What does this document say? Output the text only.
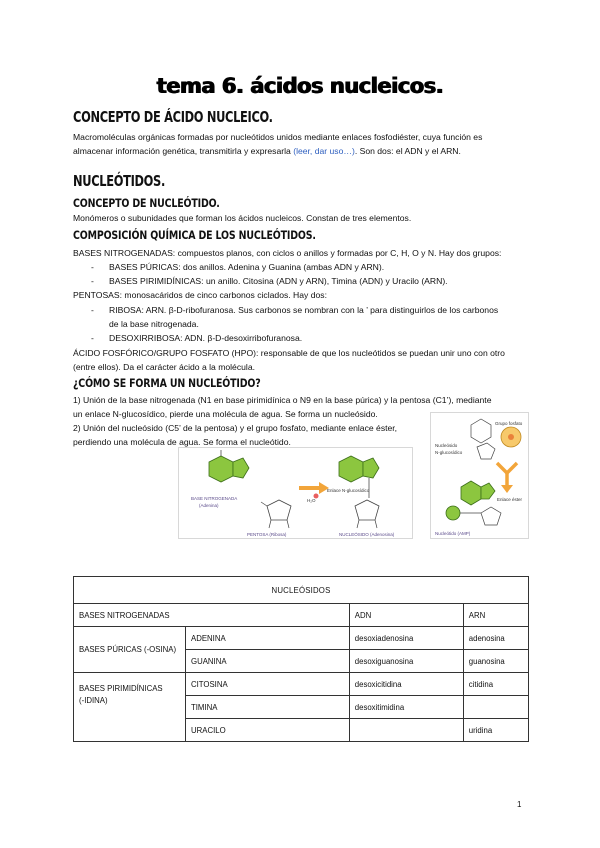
tema 6. ácidos nucleicos.
CONCEPTO DE ÁCIDO NUCLEICO.
Macromoléculas orgánicas formadas por nucleótidos unidos mediante enlaces fosfodiéster, cuya función es
almacenar información genética, transmitirla y expresarla (leer, dar uso…). Son dos: el ADN y el ARN.
NUCLEÓTIDOS.
CONCEPTO DE NUCLEÓTIDO.
Monómeros o subunidades que forman los ácidos nucleicos. Constan de tres elementos.
COMPOSICIÓN QUÍMICA DE LOS NUCLEÓTIDOS.
BASES NITROGENADAS: compuestos planos, con ciclos o anillos y formadas por C, H, O y N. Hay dos grupos:
- BASES PÚRICAS: dos anillos. Adenina y Guanina (ambas ADN y ARN).
- BASES PIRIMIDÍNICAS: un anillo. Citosina (ADN y ARN), Timina (ADN) y Uracilo (ARN).
PENTOSAS: monosacáridos de cinco carbonos ciclados. Hay dos:
- RIBOSA: ARN. β-D-ribofuranosa. Sus carbonos se nombran con la ’ para distinguirlos de los carbonos
de la base nitrogenada.
- DESOXIRRIBOSA: ADN. β-D-desoxirribofuranosa.
ÁCIDO FOSFÓRICO/GRUPO FOSFATO (HPO): responsable de que los nucleótidos se puedan unir uno con otro
(entre ellos). Da el carácter ácido a la molécula.
¿CÓMO SE FORMA UN NUCLEÓTIDO?
1) Unión de la base nitrogenada (N1 en base pirimidínica o N9 en la base púrica) y la pentosa (C1’), mediante
un enlace N-glucosídico, pierde una molécula de agua. Se forma un nucleósido.
2) Unión del nucleósido (C5’ de la pentosa) y el grupo fosfato, mediante enlace éster,
perdiendo una molécula de agua. Se forma el nucleótido.
BASE NITROGENADA
(Adenina)
PENTOSA (Ribosa)
H₂O
Enlace N-glucosídico
NUCLEÓSIDO (Adenosina)
Nucleósido
N-glucosídico
Grupo fosfato
Enlace éster
Nucleótido (AMP)
NUCLEÓSIDOS			
BASES NITROGENADAS		ADN	ARN
BASES PÚRICAS (-OSINA)	ADENINA	desoxiadenosina	adenosina
	GUANINA	desoxiguanosina	guanosina

BASES PIRIMIDÍNICAS
(-IDINA)	CITOSINA	desoxicitidina	citidina
	TIMINA	desoxitimidina	
	URACILO		uridina
1
